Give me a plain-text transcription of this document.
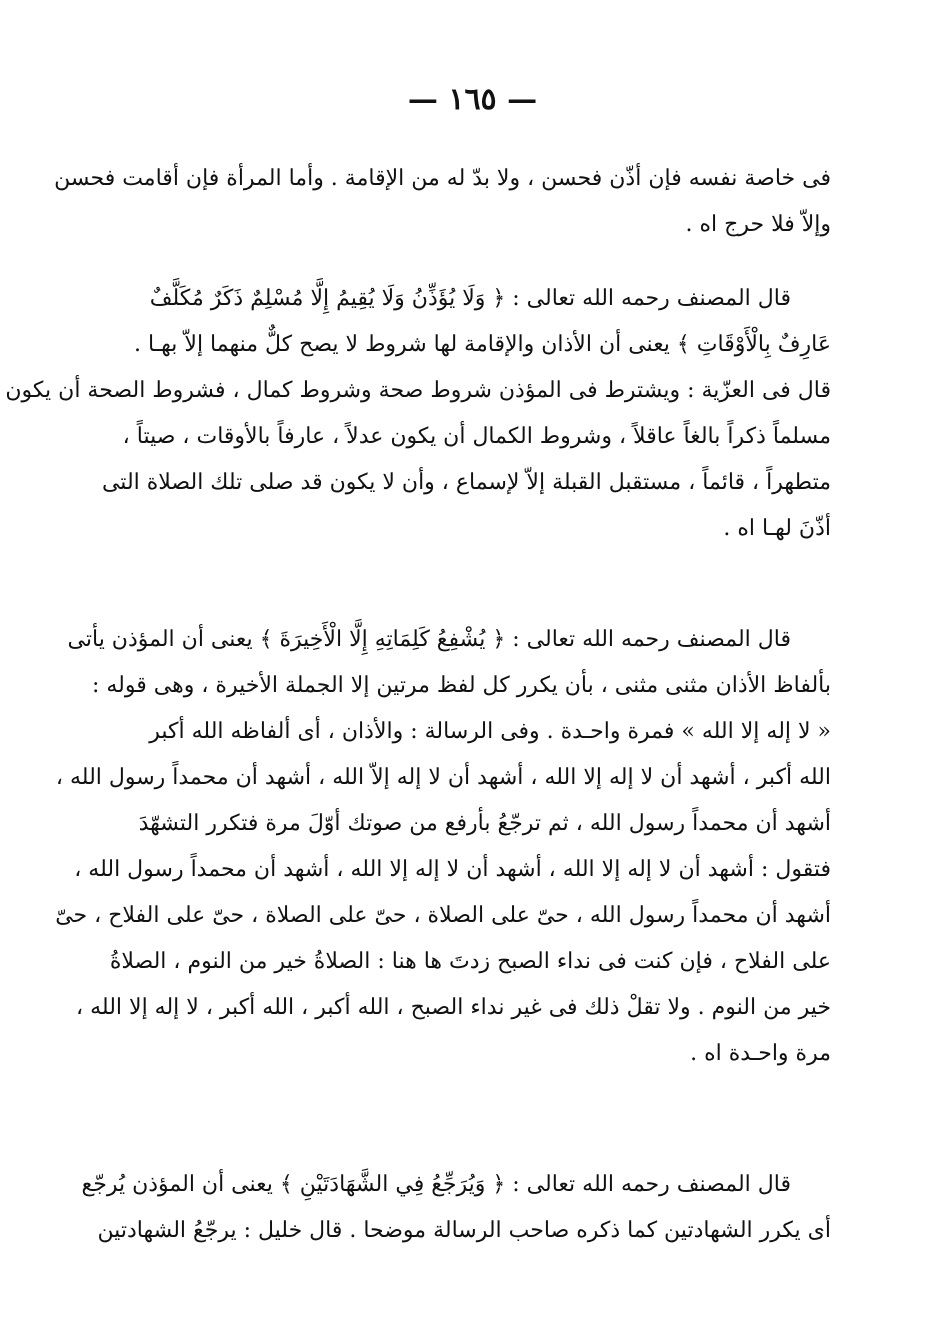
— ١٦٥ —
فى خاصة نفسه فإن أذّن فحسن ، ولا بدّ له من الإقامة . وأما المرأة فإن أقامت فحسن
وإلاّ فلا حرج اه .
قال المصنف رحمه الله تعالى : ﴿ وَلَا يُؤَذِّنُ وَلَا يُقِيمُ إِلَّا مُسْلِمٌ ذَكَرٌ مُكَلَّفٌ
عَارِفٌ بِالْأَوْقَاتِ ﴾ يعنى أن الأذان والإقامة لها شروط لا يصح كلٌّ منهما إلاّ بهـا .
قال فى العزّية : ويشترط فى المؤذن شروط صحة وشروط كمال ، فشروط الصحة أن يكون
مسلماً ذكراً بالغاً عاقلاً ، وشروط الكمال أن يكون عدلاً ، عارفاً بالأوقات ، صيتاً ،
متطهراً ، قائماً ، مستقبل القبلة إلاّ لإسماع ، وأن لا يكون قد صلى تلك الصلاة التى
أذّنَ لهـا اه .
قال المصنف رحمه الله تعالى : ﴿ يُشْفِعُ كَلِمَاتِهِ إِلَّا الْأَخِيرَةَ ﴾ يعنى أن المؤذن يأتى
بألفاظ الأذان مثنى مثنى ، بأن يكرر كل لفظ مرتين إلا الجملة الأخيرة ، وهى قوله :
« لا إله إلا الله » فمرة واحـدة . وفى الرسالة : والأذان ، أى ألفاظه الله أكبر
الله أكبر ، أشهد أن لا إله إلا الله ، أشهد أن لا إله إلاّ الله ، أشهد أن محمداً رسول الله ،
أشهد أن محمداً رسول الله ، ثم ترجّعُ بأرفع من صوتك أوّلَ مرة فتكرر التشهّدَ
فتقول : أشهد أن لا إله إلا الله ، أشهد أن لا إله إلا الله ، أشهد أن محمداً رسول الله ،
أشهد أن محمداً رسول الله ، حىّ على الصلاة ، حىّ على الصلاة ، حىّ على الفلاح ، حىّ
على الفلاح ، فإن كنت فى نداء الصبح زدتَ ها هنا : الصلاةُ خير من النوم ، الصلاةُ
خير من النوم . ولا تقلْ ذلك فى غير نداء الصبح ، الله أكبر ، الله أكبر ، لا إله إلا الله ،
مرة واحـدة اه .
قال المصنف رحمه الله تعالى : ﴿ وَيُرَجِّعُ فِي الشَّهَادَتَيْنِ ﴾ يعنى أن المؤذن يُرجّع
أى يكرر الشهادتين كما ذكره صاحب الرسالة موضحا . قال خليل : يرجّعُ الشهادتين
